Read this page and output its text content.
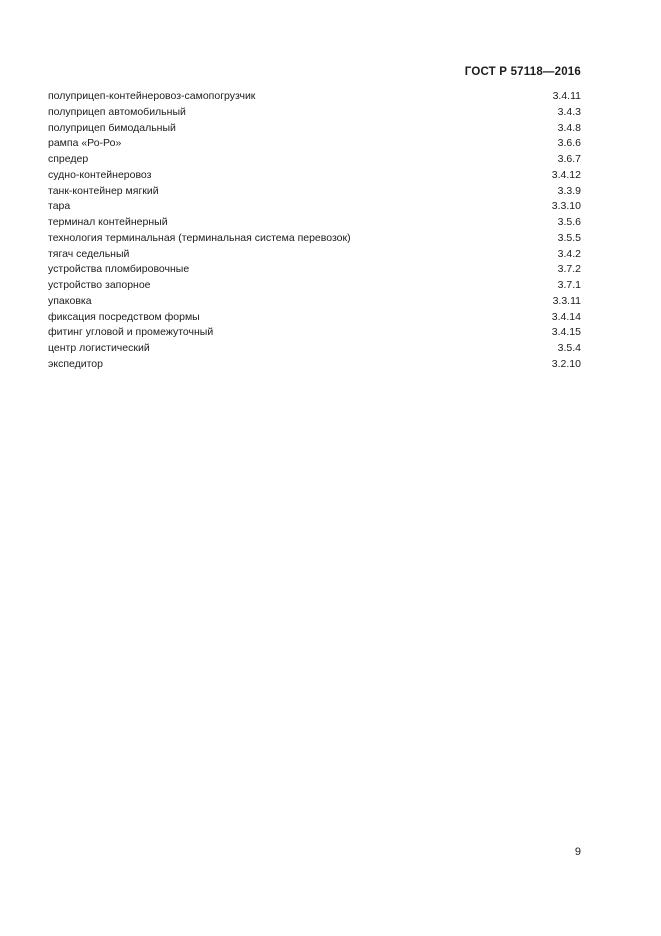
ГОСТ Р 57118—2016
полуприцеп-контейнеровоз-самопогрузчик	3.4.11
полуприцеп автомобильный	3.4.3
полуприцеп бимодальный	3.4.8
рампа «Ро-Ро»	3.6.6
спредер	3.6.7
судно-контейнеровоз	3.4.12
танк-контейнер мягкий	3.3.9
тара	3.3.10
терминал контейнерный	3.5.6
технология терминальная (терминальная система перевозок)	3.5.5
тягач седельный	3.4.2
устройства пломбировочные	3.7.2
устройство запорное	3.7.1
упаковка	3.3.11
фиксация посредством формы	3.4.14
фитинг угловой и промежуточный	3.4.15
центр логистический	3.5.4
экспедитор	3.2.10
9
